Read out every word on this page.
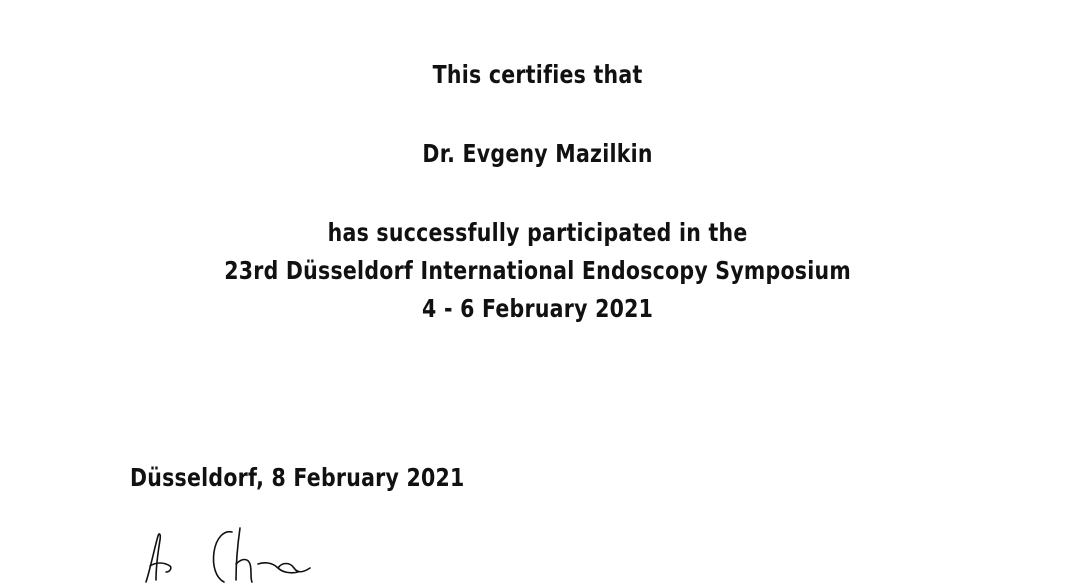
This certifies that
Dr. Evgeny Mazilkin
has successfully participated in the
23rd Düsseldorf International Endoscopy Symposium
4 - 6 February 2021
Düsseldorf, 8 February 2021
